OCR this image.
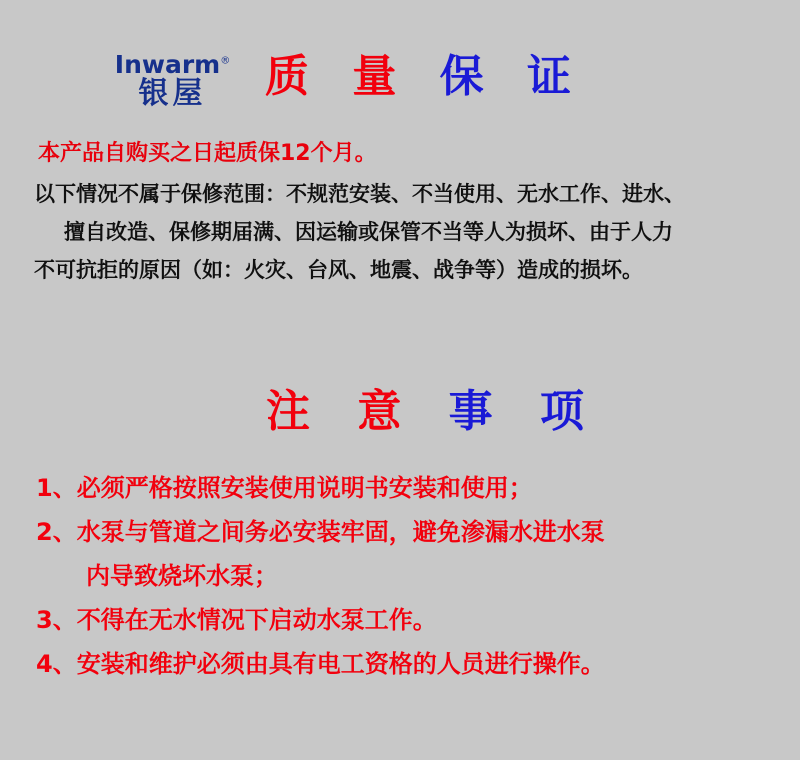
Inwarm®
银屋	质 量 保 证
本产品自购买之日起质保12个月。
以下情况不属于保修范围：不规范安装、不当使用、无水工作、进水、
擅自改造、保修期届满、因运输或保管不当等人为损坏、由于人力
不可抗拒的原因（如：火灾、台风、地震、战争等）造成的损坏。
注 意 事 项
1、必须严格按照安装使用说明书安装和使用；
2、水泵与管道之间务必安装牢固，避免渗漏水进水泵
内导致烧坏水泵；
3、不得在无水情况下启动水泵工作。
4、安装和维护必须由具有电工资格的人员进行操作。
